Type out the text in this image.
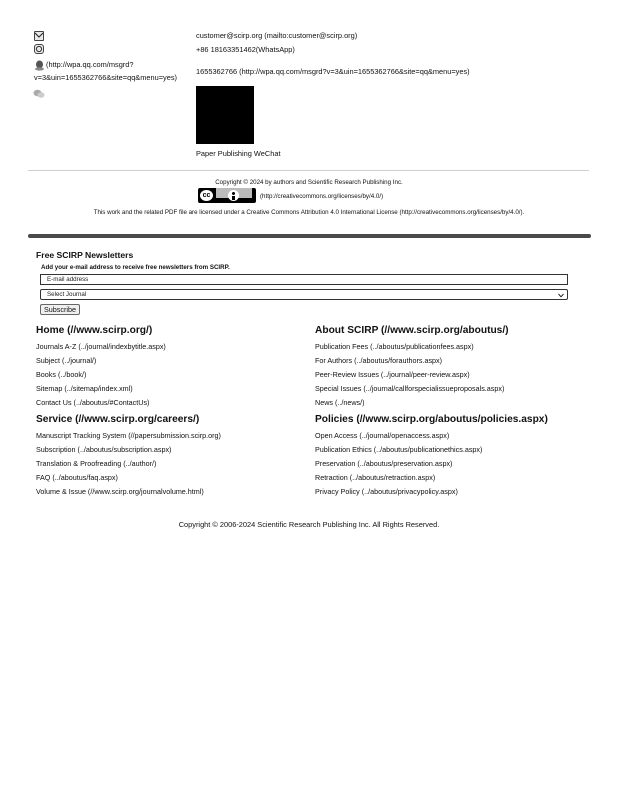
(http://wpa.qq.com/msgrd?
v=3&uin=1655362766&site=qq&menu=yes)
customer@scirp.org (mailto:customer@scirp.org)
+86 18163351462(WhatsApp)
1655362766 (http://wpa.qq.com/msgrd?v=3&uin=1655362766&site=qq&menu=yes)
Paper Publishing WeChat
Copyright © 2024 by authors and Scientific Research Publishing Inc.
cc	(http://creativecommons.org/licenses/by/4.0/)
This work and the related PDF file are licensed under a Creative Commons Attribution 4.0 International License (http://creativecommons.org/licenses/by/4.0/).
Free SCIRP Newsletters
Add your e-mail address to receive free newsletters from SCIRP.
E-mail address
Select Journal
Subscribe
Home (//www.scirp.org/)
Journals A-Z (../journal/indexbytitle.aspx)
Subject (../journal/)
Books (../book/)
Sitemap (../sitemap/index.xml)
Contact Us (../aboutus/#ContactUs)
About SCIRP (//www.scirp.org/aboutus/)
Publication Fees (../aboutus/publicationfees.aspx)
For Authors (../aboutus/forauthors.aspx)
Peer-Review Issues (../journal/peer-review.aspx)
Special Issues (../journal/callforspecialissueproposals.aspx)
News (../news/)
Service (//www.scirp.org/careers/)
Manuscript Tracking System (//papersubmission.scirp.org)
Subscription (../aboutus/subscription.aspx)
Translation & Proofreading (../author/)
FAQ (../aboutus/faq.aspx)
Volume & Issue (//www.scirp.org/journalvolume.html)
Policies (//www.scirp.org/aboutus/policies.aspx)
Open Access (../journal/openaccess.aspx)
Publication Ethics (../aboutus/publicationethics.aspx)
Preservation (../aboutus/preservation.aspx)
Retraction (../aboutus/retraction.aspx)
Privacy Policy (../aboutus/privacypolicy.aspx)
Copyright © 2006-2024 Scientific Research Publishing Inc. All Rights Reserved.
